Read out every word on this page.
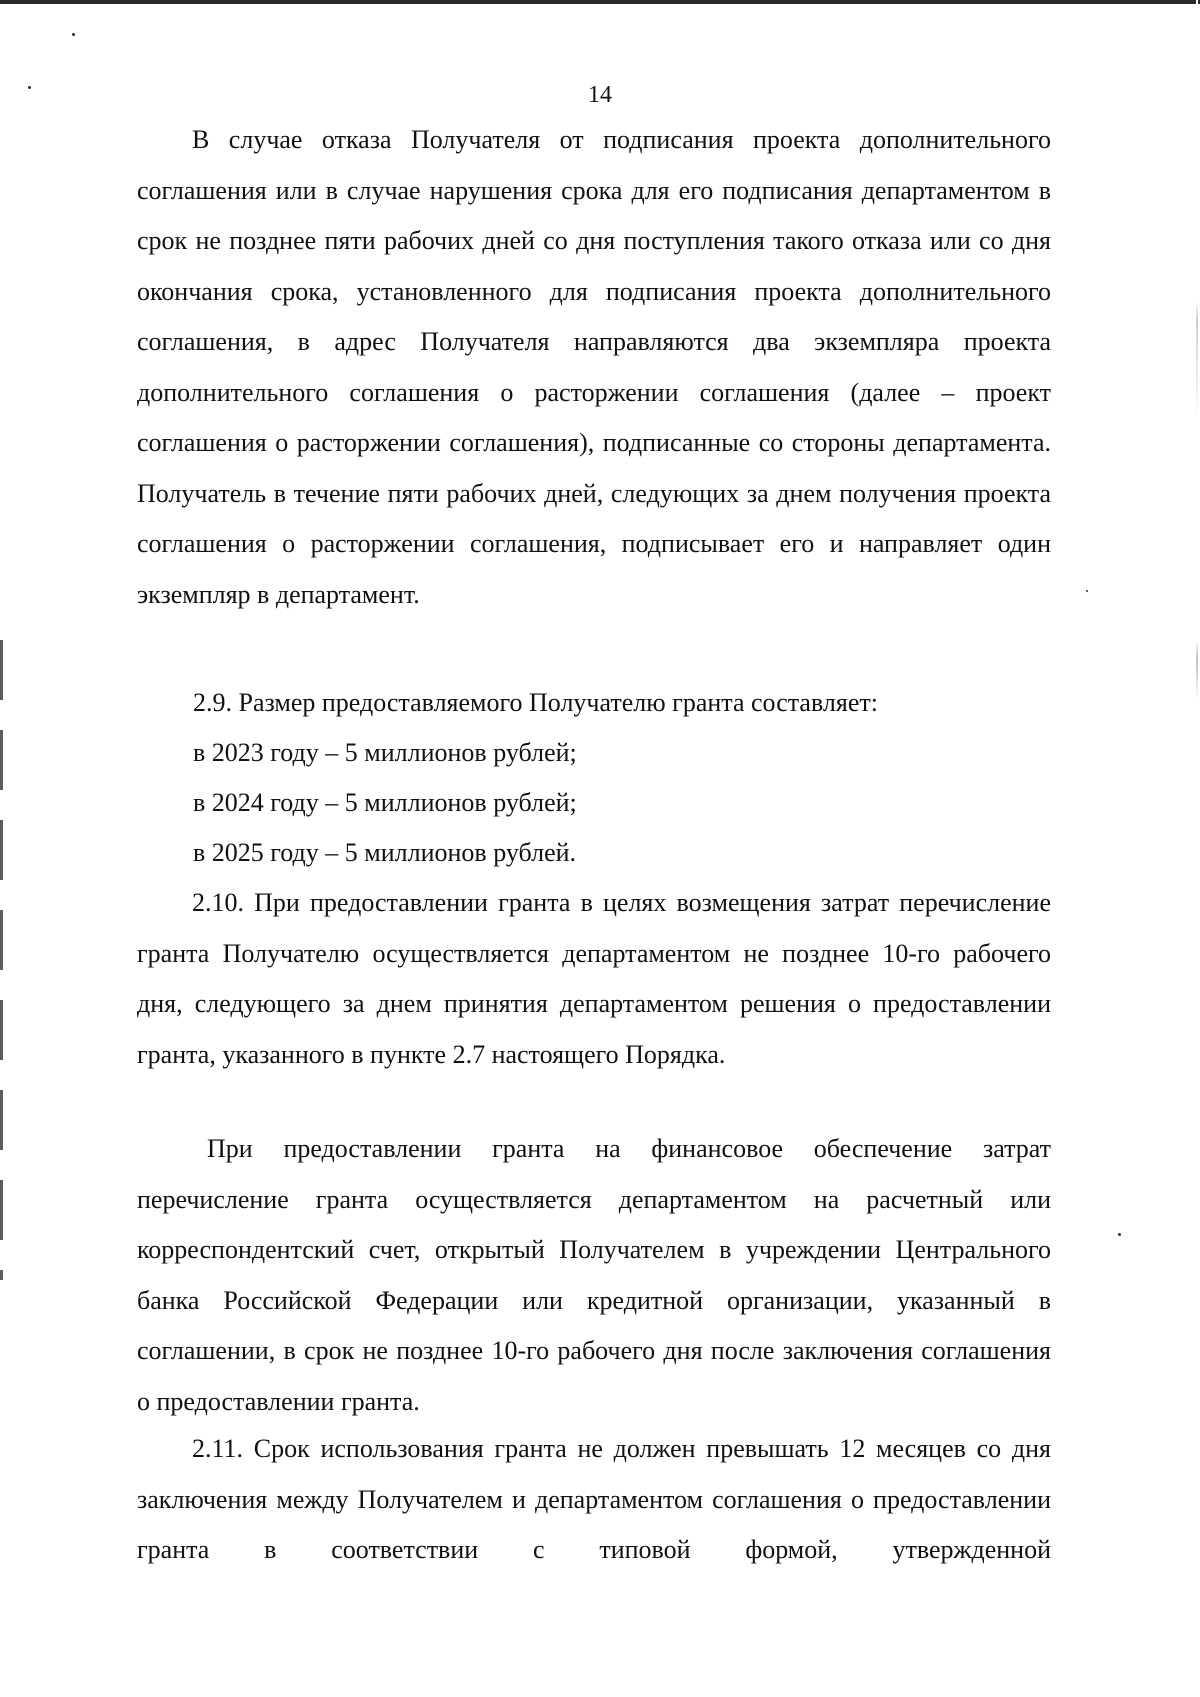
14

В случае отказа Получателя от подписания проекта дополнительного соглашения или в случае нарушения срока для его подписания департаментом в срок не позднее пяти рабочих дней со дня поступления такого отказа или со дня окончания срока, установленного для подписания проекта дополнительного соглашения, в адрес Получателя направляются два экземпляра проекта дополнительного соглашения о расторжении соглашения (далее – проект соглашения о расторжении соглашения), подписанные со стороны департамента. Получатель в течение пяти рабочих дней, следующих за днем получения проекта соглашения о расторжении соглашения, подписывает его и направляет один экземпляр в департамент.

2.9. Размер предоставляемого Получателю гранта составляет:

в 2023 году – 5 миллионов рублей;

в 2024 году – 5 миллионов рублей;

в 2025 году – 5 миллионов рублей.

2.10. При предоставлении гранта в целях возмещения затрат перечисление гранта Получателю осуществляется департаментом не позднее 10-го рабочего дня, следующего за днем принятия департаментом решения о предоставлении гранта, указанного в пункте 2.7 настоящего Порядка.

При предоставлении гранта на финансовое обеспечение затрат перечисление гранта осуществляется департаментом на расчетный или корреспондентский счет, открытый Получателем в учреждении Центрального банка Российской Федерации или кредитной организации, указанный в соглашении, в срок не позднее 10-го рабочего дня после заключения соглашения о предоставлении гранта.

2.11. Срок использования гранта не должен превышать 12 месяцев со дня заключения между Получателем и департаментом соглашения о предоставлении гранта в соответствии с типовой формой, утвержденной
